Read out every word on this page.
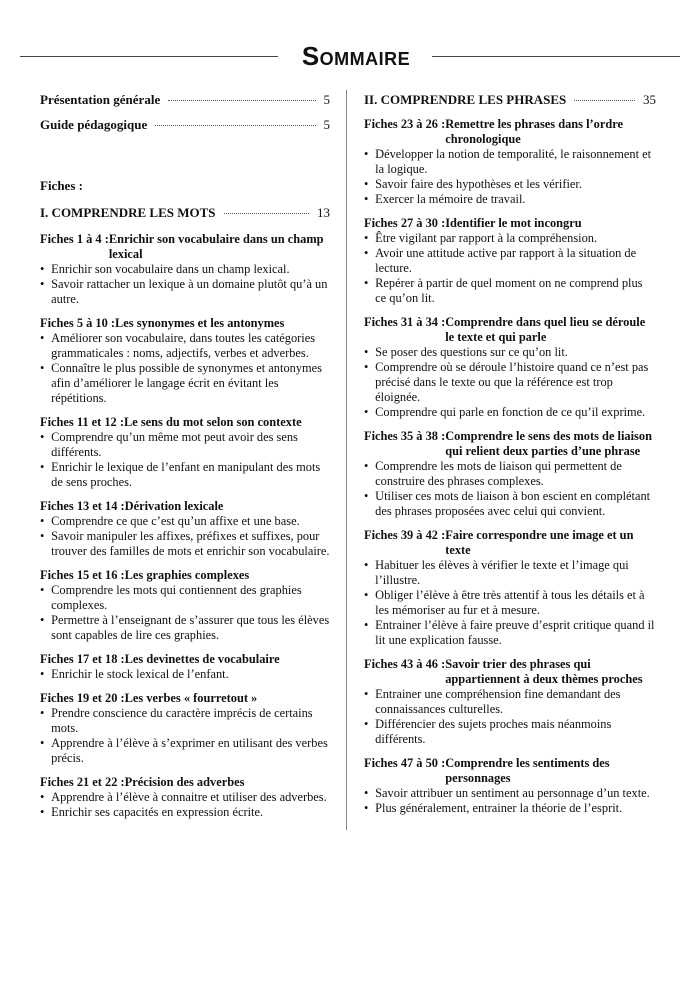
Sommaire
Présentation générale	5
Guide pédagogique	5
Fiches :
I. COMPRENDRE LES MOTS	13
Fiches 1 à 4 : Enrichir son vocabulaire dans un champ lexical
• Enrichir son vocabulaire dans un champ lexical.
• Savoir rattacher un lexique à un domaine plutôt qu’à un autre.
Fiches 5 à 10 : Les synonymes et les antonymes
• Améliorer son vocabulaire, dans toutes les catégories grammaticales : noms, adjectifs, verbes et adverbes.
• Connaître le plus possible de synonymes et antonymes afin d’améliorer le langage écrit en évitant les répétitions.
Fiches 11 et 12 : Le sens du mot selon son contexte
• Comprendre qu’un même mot peut avoir des sens différents.
• Enrichir le lexique de l’enfant en manipulant des mots de sens proches.
Fiches 13 et 14 : Dérivation lexicale
• Comprendre ce que c’est qu’un affixe et une base.
• Savoir manipuler les affixes, préfixes et suffixes, pour trouver des familles de mots et enrichir son vocabulaire.
Fiches 15 et 16 : Les graphies complexes
• Comprendre les mots qui contiennent des graphies complexes.
• Permettre à l’enseignant de s’assurer que tous les élèves sont capables de lire ces graphies.
Fiches 17 et 18 : Les devinettes de vocabulaire
• Enrichir le stock lexical de l’enfant.
Fiches 19 et 20 : Les verbes « fourretout »
• Prendre conscience du caractère imprécis de certains mots.
• Apprendre à l’élève à s’exprimer en utilisant des verbes précis.
Fiches 21 et 22 : Précision des adverbes
• Apprendre à l’élève à connaitre et utiliser des adverbes.
• Enrichir ses capacités en expression écrite.
II. COMPRENDRE LES PHRASES	35
Fiches 23 à 26 : Remettre les phrases dans l’ordre chronologique
• Développer la notion de temporalité, le raisonnement et la logique.
• Savoir faire des hypothèses et les vérifier.
• Exercer la mémoire de travail.
Fiches 27 à 30 : Identifier le mot incongru
• Être vigilant par rapport à la compréhension.
• Avoir une attitude active par rapport à la situation de lecture.
• Repérer à partir de quel moment on ne comprend plus ce qu’on lit.
Fiches 31 à 34 : Comprendre dans quel lieu se déroule le texte et qui parle
• Se poser des questions sur ce qu’on lit.
• Comprendre où se déroule l’histoire quand ce n’est pas précisé dans le texte ou que la référence est trop éloignée.
• Comprendre qui parle en fonction de ce qu’il exprime.
Fiches 35 à 38 : Comprendre le sens des mots de liaison qui relient deux parties d’une phrase
• Comprendre les mots de liaison qui permettent de construire des phrases complexes.
• Utiliser ces mots de liaison à bon escient en complétant des phrases proposées avec celui qui convient.
Fiches 39 à 42 : Faire correspondre une image et un texte
• Habituer les élèves à vérifier le texte et l’image qui l’illustre.
• Obliger l’élève à être très attentif à tous les détails et à les mémoriser au fur et à mesure.
• Entrainer l’élève à faire preuve d’esprit critique quand il lit une explication fausse.
Fiches 43 à 46 : Savoir trier des phrases qui appartiennent à deux thèmes proches
• Entrainer une compréhension fine demandant des connaissances culturelles.
• Différencier des sujets proches mais néanmoins différents.
Fiches 47 à 50 : Comprendre les sentiments des personnages
• Savoir attribuer un sentiment au personnage d’un texte.
• Plus généralement, entrainer la théorie de l’esprit.
